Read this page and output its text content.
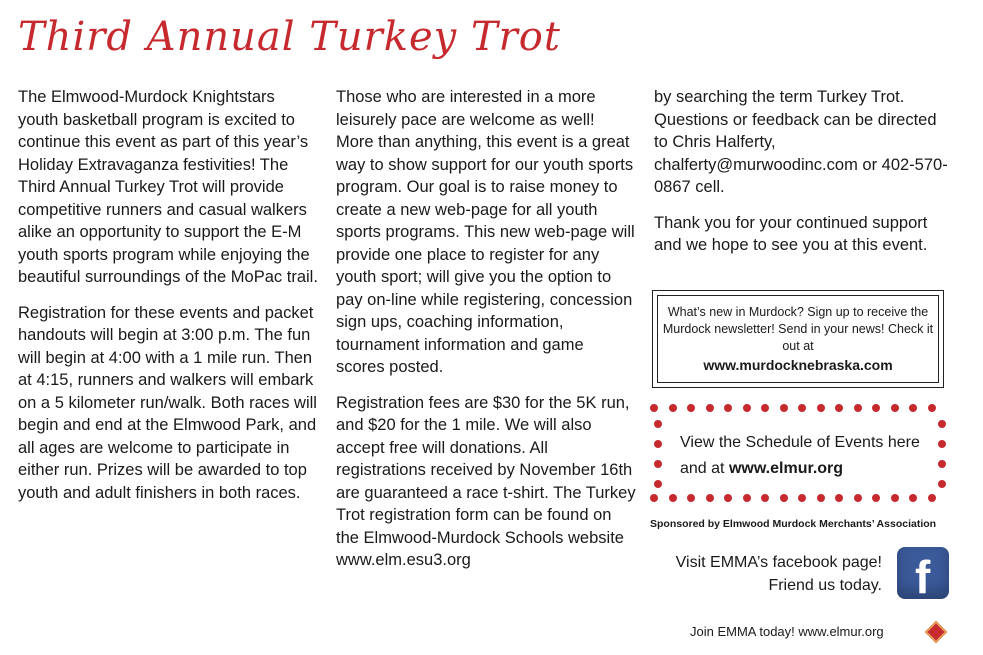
Third Annual Turkey Trot

The Elmwood-Murdock Knightstars youth basketball program is excited to continue this event as part of this year’s Holiday Extravaganza festivities! The Third Annual Turkey Trot will provide competitive runners and casual walkers alike an opportunity to support the E-M youth sports program while enjoying the beautiful surroundings of the MoPac trail.

Registration for these events and packet handouts will begin at 3:00 p.m. The fun will begin at 4:00 with a 1 mile run. Then at 4:15, runners and walkers will embark on a 5 kilometer run/walk. Both races will begin and end at the Elmwood Park, and all ages are welcome to participate in either run. Prizes will be awarded to top youth and adult finishers in both races.

Those who are interested in a more leisurely pace are welcome as well! More than anything, this event is a great way to show support for our youth sports program. Our goal is to raise money to create a new web-page for all youth sports programs. This new web-page will provide one place to register for any youth sport; will give you the option to pay on-line while registering, concession sign ups, coaching information, tournament information and game scores posted.

Registration fees are $30 for the 5K run, and $20 for the 1 mile. We will also accept free will donations. All registrations received by November 16th are guaranteed a race t-shirt. The Turkey Trot registration form can be found on the Elmwood-Murdock Schools website www.elm.esu3.org

by searching the term Turkey Trot. Questions or feedback can be directed to Chris Halferty, chalferty@murwoodinc.com or 402-570-0867 cell.

Thank you for your continued support and we hope to see you at this event.

What’s new in Murdock? Sign up to receive the Murdock newsletter! Send in your news! Check it out at
www.murdocknebraska.com
View the Schedule of Events here
and at www.elmur.org
Sponsored by Elmwood Murdock Merchants’ Association
Visit EMMA’s facebook page!
Friend us today. f
Join EMMA today! www.elmur.org
